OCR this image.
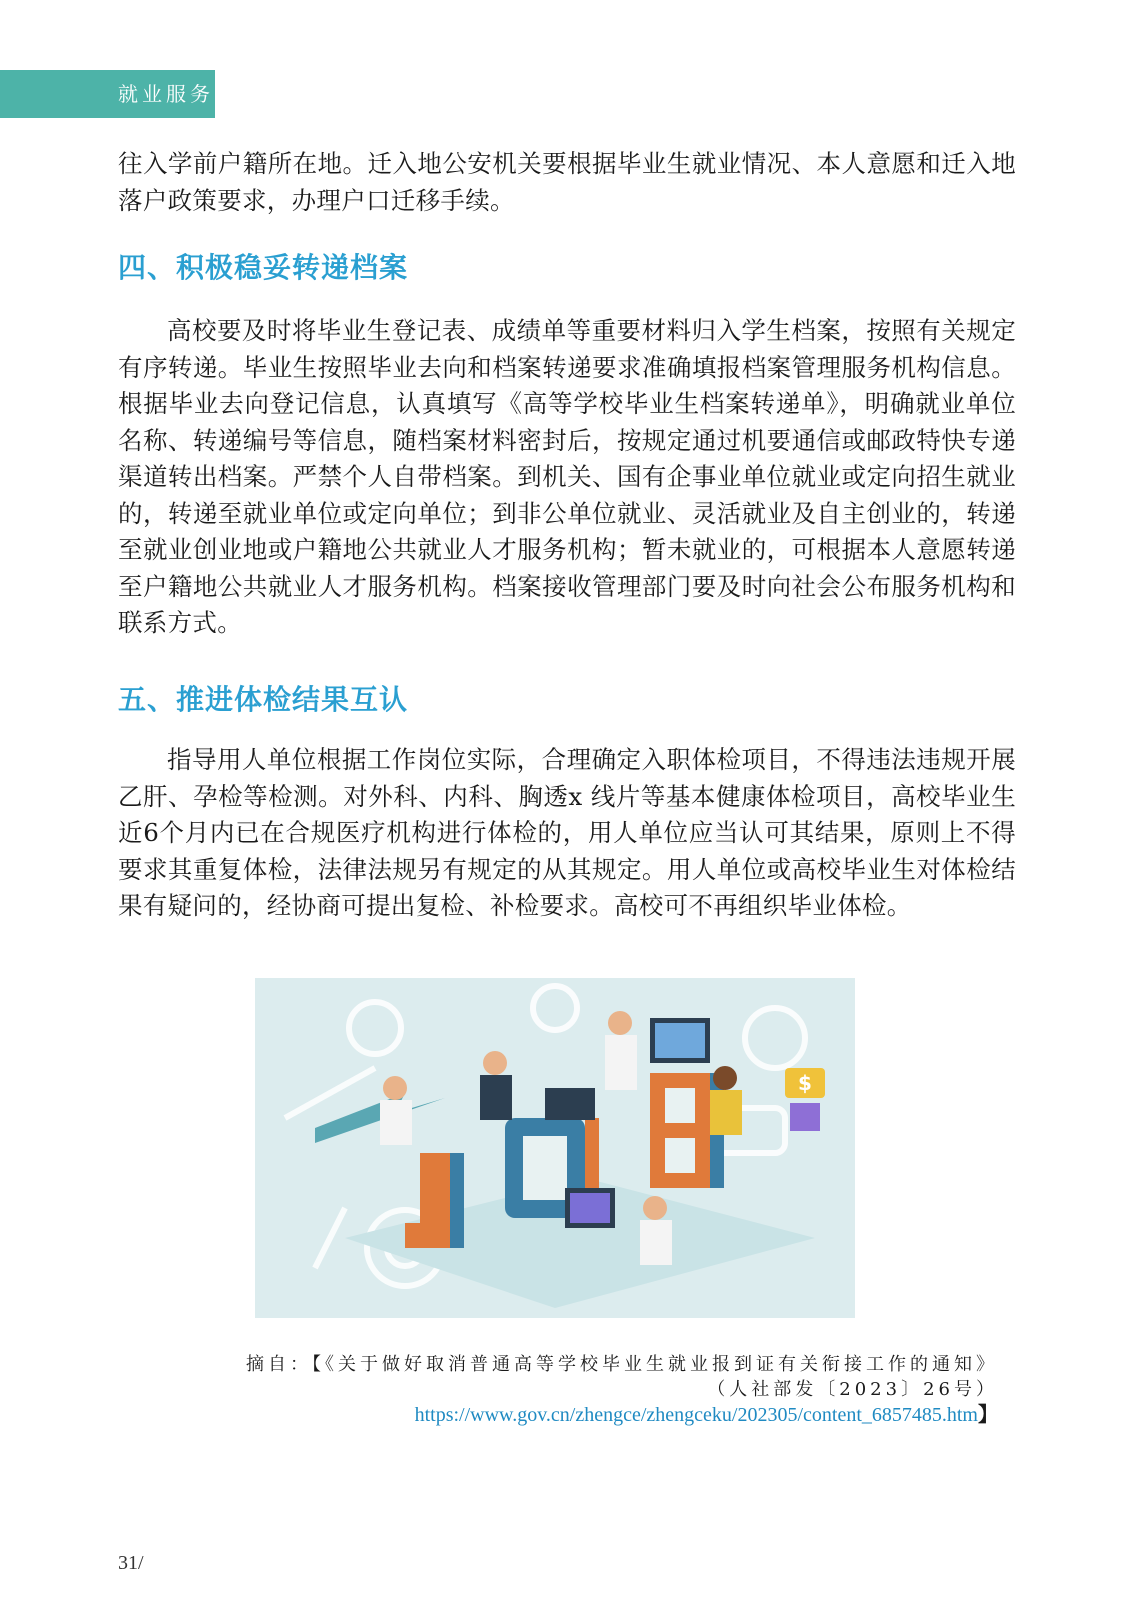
就业服务

往入学前户籍所在地。迁入地公安机关要根据毕业生就业情况、本人意愿和迁入地落户政策要求，办理户口迁移手续。

四、积极稳妥转递档案

高校要及时将毕业生登记表、成绩单等重要材料归入学生档案，按照有关规定有序转递。毕业生按照毕业去向和档案转递要求准确填报档案管理服务机构信息。根据毕业去向登记信息，认真填写《高等学校毕业生档案转递单》，明确就业单位名称、转递编号等信息，随档案材料密封后，按规定通过机要通信或邮政特快专递渠道转出档案。严禁个人自带档案。到机关、国有企事业单位就业或定向招生就业的，转递至就业单位或定向单位；到非公单位就业、灵活就业及自主创业的，转递至就业创业地或户籍地公共就业人才服务机构；暂未就业的，可根据本人意愿转递至户籍地公共就业人才服务机构。档案接收管理部门要及时向社会公布服务机构和联系方式。

五、推进体检结果互认

指导用人单位根据工作岗位实际，合理确定入职体检项目，不得违法违规开展乙肝、孕检等检测。对外科、内科、胸透x 线片等基本健康体检项目，高校毕业生近6个月内已在合规医疗机构进行体检的，用人单位应当认可其结果，原则上不得要求其重复体检，法律法规另有规定的从其规定。用人单位或高校毕业生对体检结果有疑问的，经协商可提出复检、补检要求。高校可不再组织毕业体检。

$

摘自：【《关于做好取消普通高等学校毕业生就业报到证有关衔接工作的通知》

（人社部发〔2023〕26号）

https://www.gov.cn/zhengce/zhengceku/202305/content_6857485.htm】
31/
